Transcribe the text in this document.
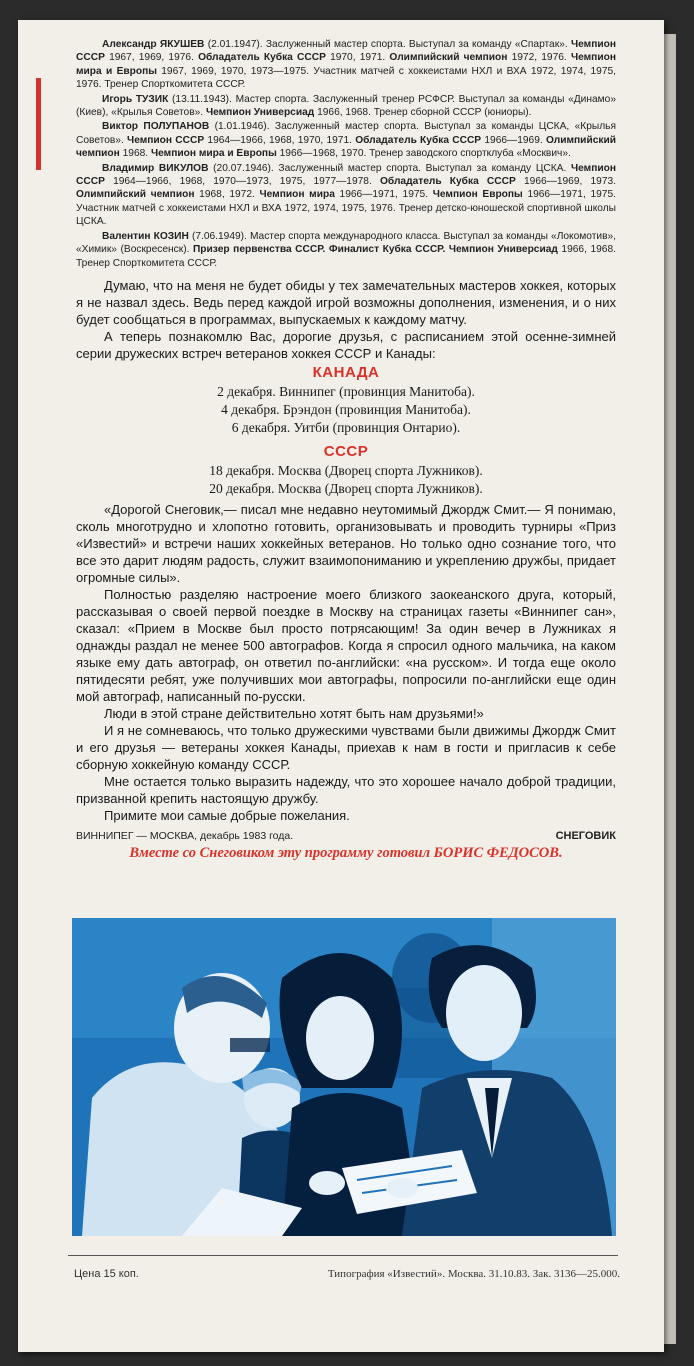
Александр ЯКУШЕВ (2.01.1947). Заслуженный мастер спорта. Выступал за команду «Спартак». Чемпион СССР 1967, 1969, 1976. Обладатель Кубка СССР 1970, 1971. Олимпийский чемпион 1972, 1976. Чемпион мира и Европы 1967, 1969, 1970, 1973—1975. Участник матчей с хоккеистами НХЛ и ВХА 1972, 1974, 1975, 1976. Тренер Спорткомитета СССР.

Игорь ТУЗИК (13.11.1943). Мастер спорта. Заслуженный тренер РСФСР. Выступал за команды «Динамо» (Киев), «Крылья Советов». Чемпион Универсиад 1966, 1968. Тренер сборной СССР (юниоры).

Виктор ПОЛУПАНОВ (1.01.1946). Заслуженный мастер спорта. Выступал за команды ЦСКА, «Крылья Советов». Чемпион СССР 1964—1966, 1968, 1970, 1971. Обладатель Кубка СССР 1966—1969. Олимпийский чемпион 1968. Чемпион мира и Европы 1966—1968, 1970. Тренер заводского спортклуба «Москвич».

Владимир ВИКУЛОВ (20.07.1946). Заслуженный мастер спорта. Выступал за команду ЦСКА. Чемпион СССР 1964—1966, 1968, 1970—1973, 1975, 1977—1978. Обладатель Кубка СССР 1966—1969, 1973. Олимпийский чемпион 1968, 1972. Чемпион мира 1966—1971, 1975. Чемпион Европы 1966—1971, 1975. Участник матчей с хоккеистами НХЛ и ВХА 1972, 1974, 1975, 1976. Тренер детско-юношеской спортивной школы ЦСКА.

Валентин КОЗИН (7.06.1949). Мастер спорта международного класса. Выступал за команды «Локомотив», «Химик» (Воскресенск). Призер первенства СССР. Финалист Кубка СССР. Чемпион Универсиад 1966, 1968. Тренер Спорткомитета СССР.

Думаю, что на меня не будет обиды у тех замечательных мастеров хоккея, которых я не назвал здесь. Ведь перед каждой игрой возможны дополнения, изменения, и о них будет сообщаться в программах, выпускаемых к каждому матчу.

А теперь познакомлю Вас, дорогие друзья, с расписанием этой осенне-зимней серии дружеских встреч ветеранов хоккея СССР и Канады:

КАНАДА

2 декабря. Виннипег (провинция Манитоба).

4 декабря. Брэндон (провинция Манитоба).

6 декабря. Уитби (провинция Онтарио).

СССР

18 декабря. Москва (Дворец спорта Лужников).

20 декабря. Москва (Дворец спорта Лужников).

«Дорогой Снеговик,— писал мне недавно неутомимый Джордж Смит.— Я понимаю, сколь многотрудно и хлопотно готовить, организовывать и проводить турниры «Приз «Известий» и встречи наших хоккейных ветеранов. Но только одно сознание того, что все это дарит людям радость, служит взаимопониманию и укреплению дружбы, придает огромные силы».

Полностью разделяю настроение моего близкого заокеанского друга, который, рассказывая о своей первой поездке в Москву на страницах газеты «Виннипег сан», сказал: «Прием в Москве был просто потрясающим! За один вечер в Лужниках я однажды раздал не менее 500 автографов. Когда я спросил одного мальчика, на каком языке ему дать автограф, он ответил по-английски: «на русском». И тогда еще около пятидесяти ребят, уже получивших мои автографы, попросили по-английски еще один мой автограф, написанный по-русски.

Люди в этой стране действительно хотят быть нам друзьями!»

И я не сомневаюсь, что только дружескими чувствами были движимы Джордж Смит и его друзья — ветераны хоккея Канады, приехав к нам в гости и пригласив к себе сборную хоккейную команду СССР.

Мне остается только выразить надежду, что это хорошее начало доброй традиции, призванной крепить настоящую дружбу.

Примите мои самые добрые пожелания.

ВИННИПЕГ — МОСКВА, декабрь 1983 года.	СНЕГОВИК
Вместе со Снеговиком эту программу готовил БОРИС ФЕДОСОВ.
Цена 15 коп.	Типография «Известий». Москва. 31.10.83. Зак. 3136—25.000.
